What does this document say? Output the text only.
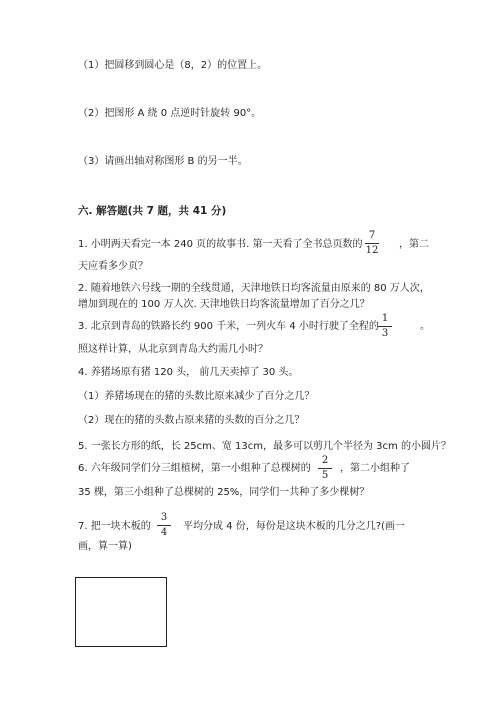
（1）把圆移到圆心是（8，2）的位置上。
（2）把图形 A 绕 0 点逆时针旋转 90°。
（3）请画出轴对称图形 B 的另一半。
六. 解答题(共 7 题，共 41 分)
1. 小明两天看完一本 240 页的故事书. 第一天看了全书总页数的
7
12
，第二
天应看多少页？
2. 随着地铁六号线一期的全线贯通，天津地铁日均客流量由原来的 80 万人次，
增加到现在的 100 万人次. 天津地铁日均客流量增加了百分之几？
3. 北京到青岛的铁路长约 900 千米，一列火车 4 小时行驶了全程的
1
3
。
照这样计算，从北京到青岛大约需几小时？
4. 养猪场原有猪 120 头， 前几天卖掉了 30 头。
（1）养猪场现在的猪的头数比原来减少了百分之几？
（2）现在的猪的头数占原来猪的头数的百分之几？
5. 一张长方形的纸，长 25cm、宽 13cm，最多可以剪几个半径为 3cm 的小圆片？
6. 六年级同学们分三组植树，第一小组种了总棵树的
2
5
，第二小组种了
35 棵，第三小组种了总棵树的 25%，同学们一共种了多少棵树？
7. 把一块木板的
3
4
平均分成 4 份，每份是这块木板的几分之几?(画一
画，算一算)
